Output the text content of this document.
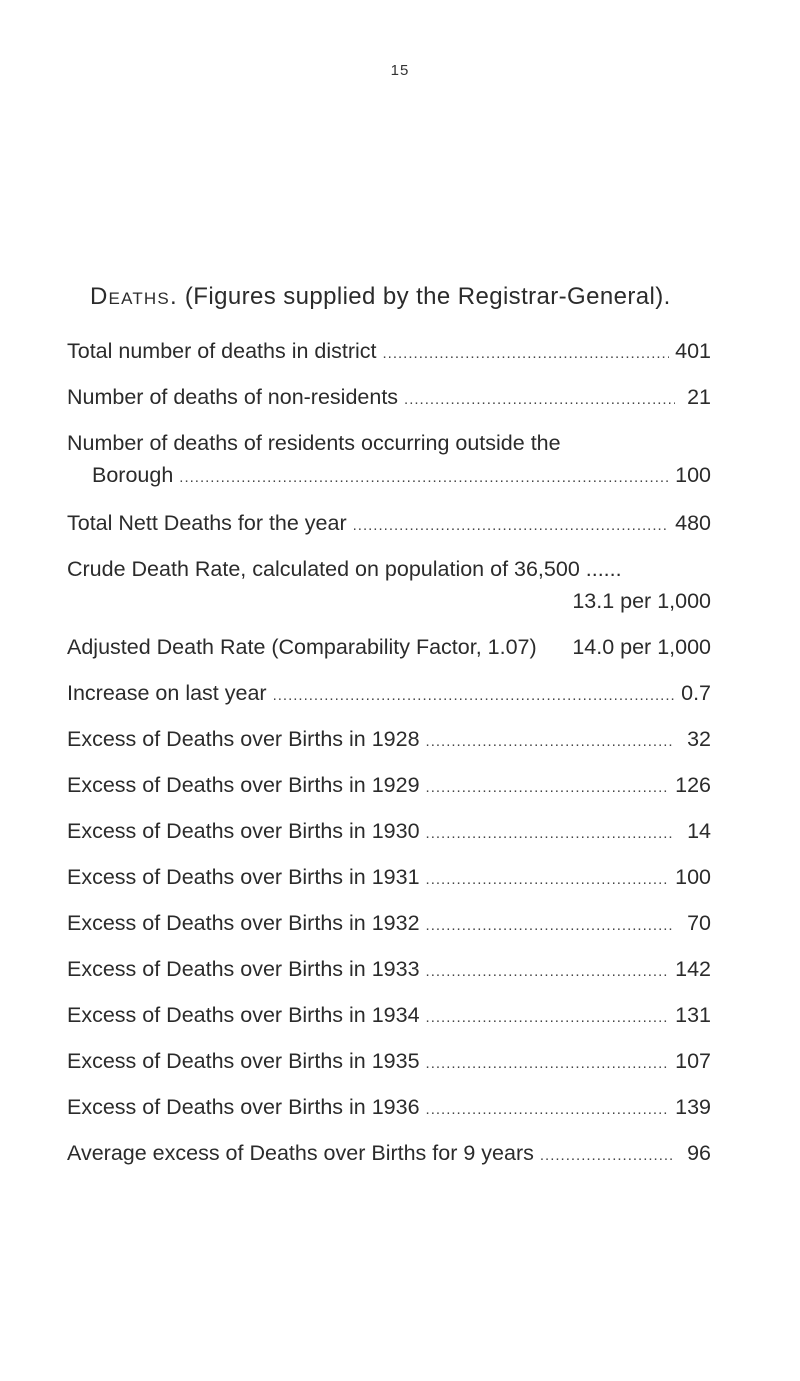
15
Deaths. (Figures supplied by the Registrar-General).
Total number of deaths in district .....	401
Number of deaths of non-residents .....	21
Number of deaths of residents occurring outside the
Borough .....	100
Total Nett Deaths for the year .....	480
Crude Death Rate, calculated on population of 36,500 ......
13.1 per 1,000
Adjusted Death Rate (Comparability Factor, 1.07) 14.0 per 1,000
Increase on last year .....	0.7
Excess of Deaths over Births in 1928 .....	32
Excess of Deaths over Births in 1929 .....	126
Excess of Deaths over Births in 1930 .....	14
Excess of Deaths over Births in 1931 .....	100
Excess of Deaths over Births in 1932 .....	70
Excess of Deaths over Births in 1933 .....	142
Excess of Deaths over Births in 1934 .....	131
Excess of Deaths over Births in 1935 .....	107
Excess of Deaths over Births in 1936 .....	139
Average excess of Deaths over Births for 9 years .....	96
